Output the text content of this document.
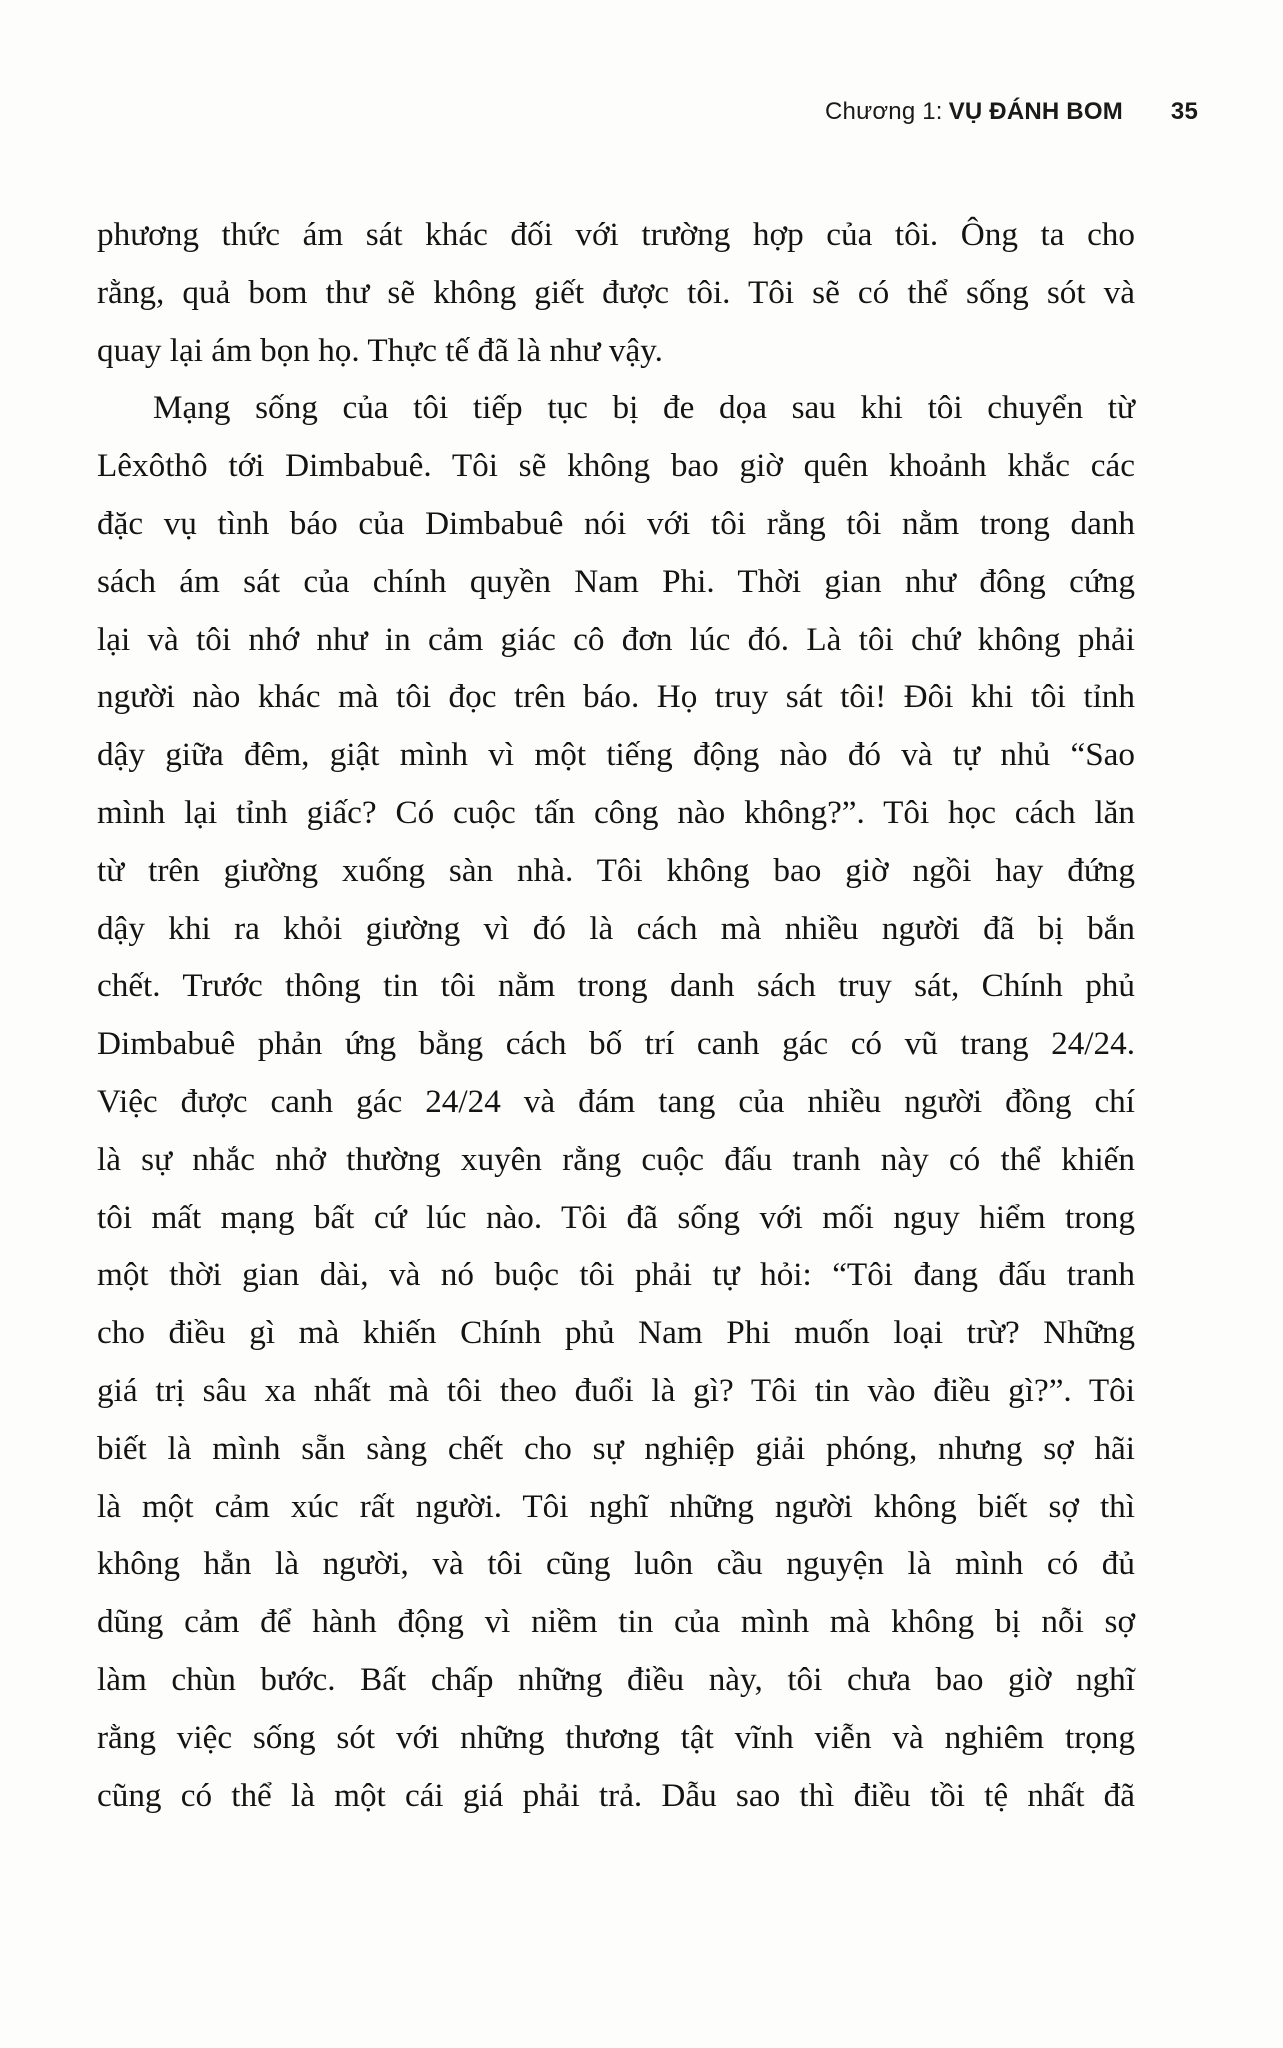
Chương 1: VỤ ĐÁNH BOM 35
phương thức ám sát khác đối với trường hợp của tôi. Ông ta cho
rằng, quả bom thư sẽ không giết được tôi. Tôi sẽ có thể sống sót và
quay lại ám bọn họ. Thực tế đã là như vậy.
Mạng sống của tôi tiếp tục bị đe dọa sau khi tôi chuyển từ
Lêxôthô tới Dimbabuê. Tôi sẽ không bao giờ quên khoảnh khắc các
đặc vụ tình báo của Dimbabuê nói với tôi rằng tôi nằm trong danh
sách ám sát của chính quyền Nam Phi. Thời gian như đông cứng
lại và tôi nhớ như in cảm giác cô đơn lúc đó. Là tôi chứ không phải
người nào khác mà tôi đọc trên báo. Họ truy sát tôi! Đôi khi tôi tỉnh
dậy giữa đêm, giật mình vì một tiếng động nào đó và tự nhủ “Sao
mình lại tỉnh giấc? Có cuộc tấn công nào không?”. Tôi học cách lăn
từ trên giường xuống sàn nhà. Tôi không bao giờ ngồi hay đứng
dậy khi ra khỏi giường vì đó là cách mà nhiều người đã bị bắn
chết. Trước thông tin tôi nằm trong danh sách truy sát, Chính phủ
Dimbabuê phản ứng bằng cách bố trí canh gác có vũ trang 24/24.
Việc được canh gác 24/24 và đám tang của nhiều người đồng chí
là sự nhắc nhở thường xuyên rằng cuộc đấu tranh này có thể khiến
tôi mất mạng bất cứ lúc nào. Tôi đã sống với mối nguy hiểm trong
một thời gian dài, và nó buộc tôi phải tự hỏi: “Tôi đang đấu tranh
cho điều gì mà khiến Chính phủ Nam Phi muốn loại trừ? Những
giá trị sâu xa nhất mà tôi theo đuổi là gì? Tôi tin vào điều gì?”. Tôi
biết là mình sẵn sàng chết cho sự nghiệp giải phóng, nhưng sợ hãi
là một cảm xúc rất người. Tôi nghĩ những người không biết sợ thì
không hẳn là người, và tôi cũng luôn cầu nguyện là mình có đủ
dũng cảm để hành động vì niềm tin của mình mà không bị nỗi sợ
làm chùn bước. Bất chấp những điều này, tôi chưa bao giờ nghĩ
rằng việc sống sót với những thương tật vĩnh viễn và nghiêm trọng
cũng có thể là một cái giá phải trả. Dẫu sao thì điều tồi tệ nhất đã
